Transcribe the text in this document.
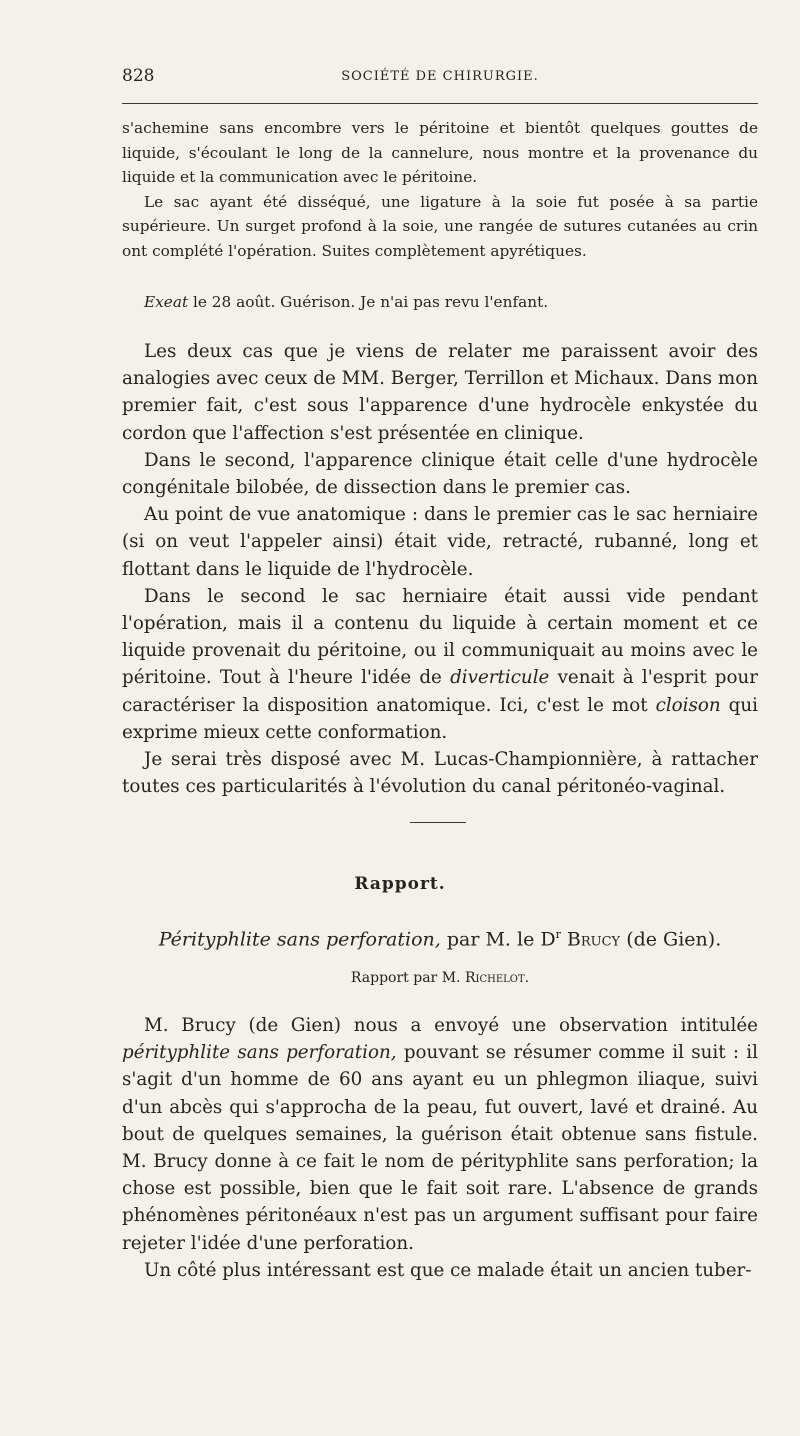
828	SOCIÉTÉ DE CHIRURGIE.

s'achemine sans encombre vers le péritoine et bientôt quelques gouttes de liquide, s'écoulant le long de la cannelure, nous montre et la provenance du liquide et la communication avec le péritoine.

Le sac ayant été disséqué, une ligature à la soie fut posée à sa partie supérieure. Un surget profond à la soie, une rangée de sutures cutanées au crin ont complété l'opération. Suites complètement apyrétiques.

Exeat le 28 août. Guérison. Je n'ai pas revu l'enfant.

Les deux cas que je viens de relater me paraissent avoir des analogies avec ceux de MM. Berger, Terrillon et Michaux. Dans mon premier fait, c'est sous l'apparence d'une hydrocèle enkystée du cordon que l'affection s'est présentée en clinique.

Dans le second, l'apparence clinique était celle d'une hydrocèle congénitale bilobée, de dissection dans le premier cas.

Au point de vue anatomique : dans le premier cas le sac herniaire (si on veut l'appeler ainsi) était vide, retracté, rubanné, long et flottant dans le liquide de l'hydrocèle.

Dans le second le sac herniaire était aussi vide pendant l'opération, mais il a contenu du liquide à certain moment et ce liquide provenait du péritoine, ou il communiquait au moins avec le péritoine. Tout à l'heure l'idée de diverticule venait à l'esprit pour caractériser la disposition anatomique. Ici, c'est le mot cloison qui exprime mieux cette conformation.

Je serai très disposé avec M. Lucas-Championnière, à rattacher toutes ces particularités à l'évolution du canal péritonéo-vaginal.

Rapport.
Pérityphlite sans perforation, par M. le $D^r$ Brucy (de Gien).
Rapport par M. Richelot.

M. Brucy (de Gien) nous a envoyé une observation intitulée pérityphlite sans perforation, pouvant se résumer comme il suit : il s'agit d'un homme de 60 ans ayant eu un phlegmon iliaque, suivi d'un abcès qui s'approcha de la peau, fut ouvert, lavé et drainé. Au bout de quelques semaines, la guérison était obtenue sans fistule. M. Brucy donne à ce fait le nom de pérityphlite sans perforation; la chose est possible, bien que le fait soit rare. L'absence de grands phénomènes péritonéaux n'est pas un argument suffisant pour faire rejeter l'idée d'une perforation.

Un côté plus intéressant est que ce malade était un ancien tuber-
